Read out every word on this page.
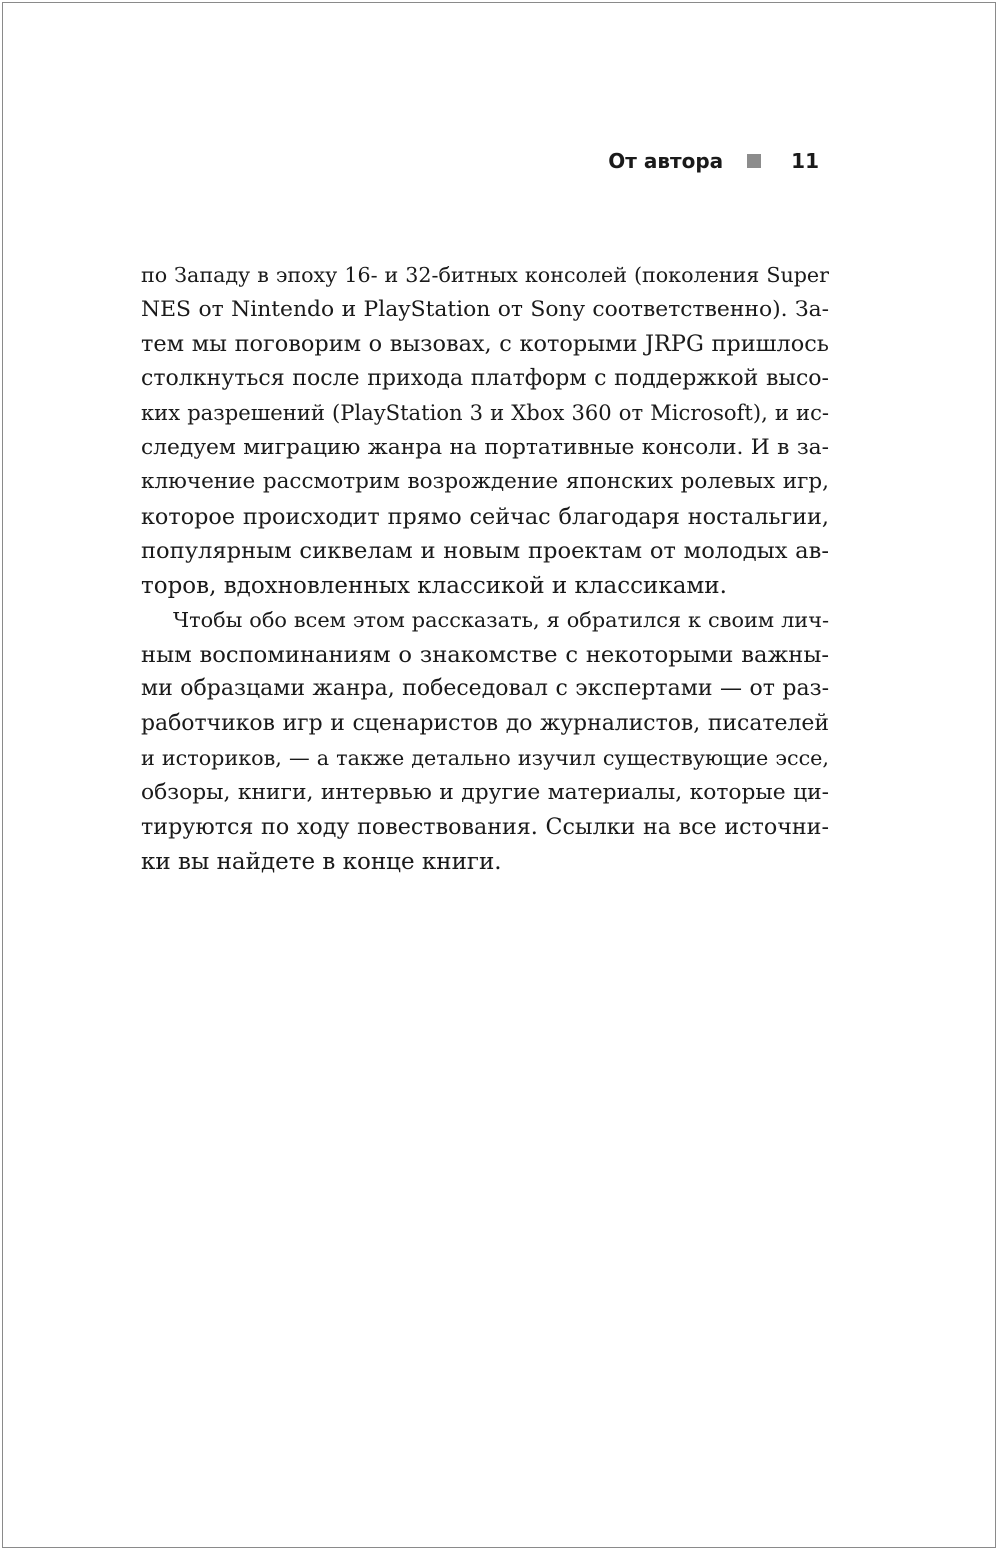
От автора	11
по Западу в эпоху 16- и 32-битных консолей (поколения Super
NES от Nintendo и PlayStation от Sony соответственно). За-
тем мы поговорим о вызовах, с которыми JRPG пришлось
столкнуться после прихода платформ с поддержкой высо-
ких разрешений (PlayStation 3 и Xbox 360 от Microsoft), и ис-
следуем миграцию жанра на портативные консоли. И в за-
ключение рассмотрим возрождение японских ролевых игр,
которое происходит прямо сейчас благодаря ностальгии,
популярным сиквелам и новым проектам от молодых ав-
торов, вдохновленных классикой и классиками.
Чтобы обо всем этом рассказать, я обратился к своим лич-
ным воспоминаниям о знакомстве с некоторыми важны-
ми образцами жанра, побеседовал с экспертами — от раз-
работчиков игр и сценаристов до журналистов, писателей
и историков, — а также детально изучил существующие эссе,
обзоры, книги, интервью и другие материалы, которые ци-
тируются по ходу повествования. Ссылки на все источни-
ки вы найдете в конце книги.
